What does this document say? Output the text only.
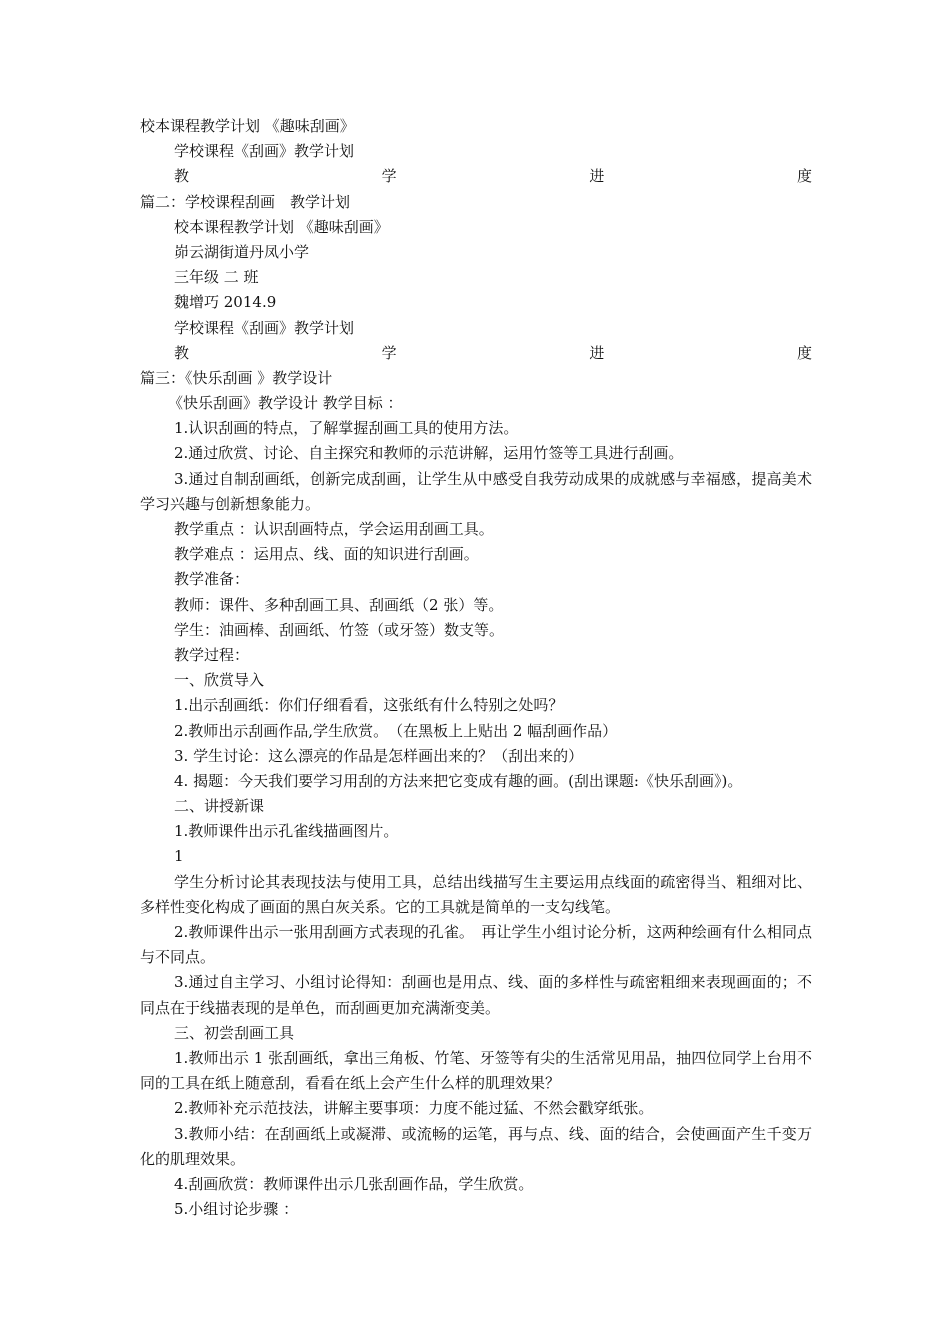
校本课程教学计划 《趣味刮画》
学校课程《刮画》教学计划
教	学	进	度
篇二：学校课程刮画　教学计划
校本课程教学计划 《趣味刮画》
峁云湖街道丹凤小学
三年级 二 班
魏增巧 2014.9
学校课程《刮画》教学计划
教	学	进	度
篇三：《快乐刮画 》教学设计
《快乐刮画》教学设计 教学目标 ：
1.认识刮画的特点，了解掌握刮画工具的使用方法。
2.通过欣赏、讨论、自主探究和教师的示范讲解，运用竹签等工具进行刮画。
3.通过自制刮画纸，创新完成刮画，让学生从中感受自我劳动成果的成就感与幸福感，提高美术学习兴趣与创新想象能力。
教学重点 ：认识刮画特点，学会运用刮画工具。
教学难点 ：运用点、线、面的知识进行刮画。
教学准备：
教师：课件、多种刮画工具、刮画纸（2 张）等。
学生：油画棒、刮画纸、竹签（或牙签）数支等。
教学过程：
一、欣赏导入
1.出示刮画纸：你们仔细看看，这张纸有什么特别之处吗？
2.教师出示刮画作品,学生欣赏。　（在黑板上上贴出 2 幅刮画作品）
3. 学生讨论：这么漂亮的作品是怎样画出来的？（刮出来的）
4. 揭题：今天我们要学习用刮的方法来把它变成有趣的画。(刮出课题:《快乐刮画》)。
二、讲授新课
1.教师课件出示孔雀线描画图片。
1
学生分析讨论其表现技法与使用工具，总结出线描写生主要运用点线面的疏密得当、粗细对比、多样性变化构成了画面的黑白灰关系。它的工具就是简单的一支勾线笔。
2.教师课件出示一张用刮画方式表现的孔雀。　再让学生小组讨论分析，这两种绘画有什么相同点与不同点。
3.通过自主学习、小组讨论得知：刮画也是用点、线、面的多样性与疏密粗细来表现画面的；不同点在于线描表现的是单色，而刮画更加充满渐变美。
三、初尝刮画工具
1.教师出示 1 张刮画纸，拿出三角板、竹笔、牙签等有尖的生活常见用品，抽四位同学上台用不同的工具在纸上随意刮，看看在纸上会产生什么样的肌理效果？
2.教师补充示范技法，讲解主要事项：力度不能过猛、不然会戳穿纸张。
3.教师小结：在刮画纸上或凝滞、或流畅的运笔，再与点、线、面的结合，会使画面产生千变万化的肌理效果。
4.刮画欣赏：教师课件出示几张刮画作品，学生欣赏。
5.小组讨论步骤 ：
